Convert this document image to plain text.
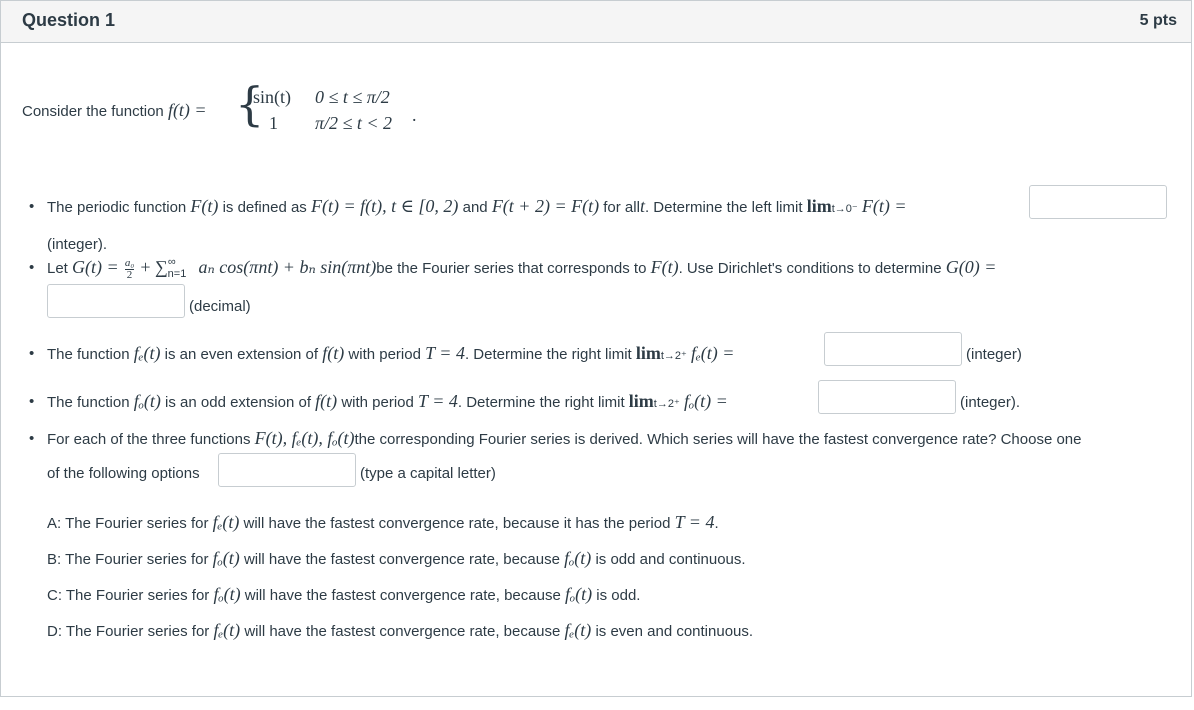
Question 1	5 pts
Consider the function f(t) = {
sin(t) 0 ≤ t ≤ π/2
1 π/2 ≤ t < 2 .
• The periodic function F(t) is defined as F(t) = f(t), t ∈ [0, 2) and F(t + 2) = F(t) for allt. Determine the left limit limt→0⁻ F(t) =
(integer).
• Let $G(t) = \frac{\text{a₀}}{2} + \sum^\infty_{n=1}$ aₙ cos(πnt) + bₙ sin(πnt)be the Fourier series that corresponds to F(t). Use Dirichlet's conditions to determine G(0) =
(decimal)
• The function fₑ(t) is an even extension of f(t) with period T = 4. Determine the right limit limt→2⁺ fₑ(t) =	(integer)
• The function fₒ(t) is an odd extension of f(t) with period T = 4. Determine the right limit limt→2⁺ fₒ(t) =	(integer).
• For each of the three functions F(t), fₑ(t), fₒ(t)the corresponding Fourier series is derived. Which series will have the fastest convergence rate? Choose one
of the following options	(type a capital letter)
A: The Fourier series for fₑ(t) will have the fastest convergence rate, because it has the period T = 4.
B: The Fourier series for fₒ(t) will have the fastest convergence rate, because fₒ(t) is odd and continuous.
C: The Fourier series for fₒ(t) will have the fastest convergence rate, because fₒ(t) is odd.
D: The Fourier series for fₑ(t) will have the fastest convergence rate, because fₑ(t) is even and continuous.
